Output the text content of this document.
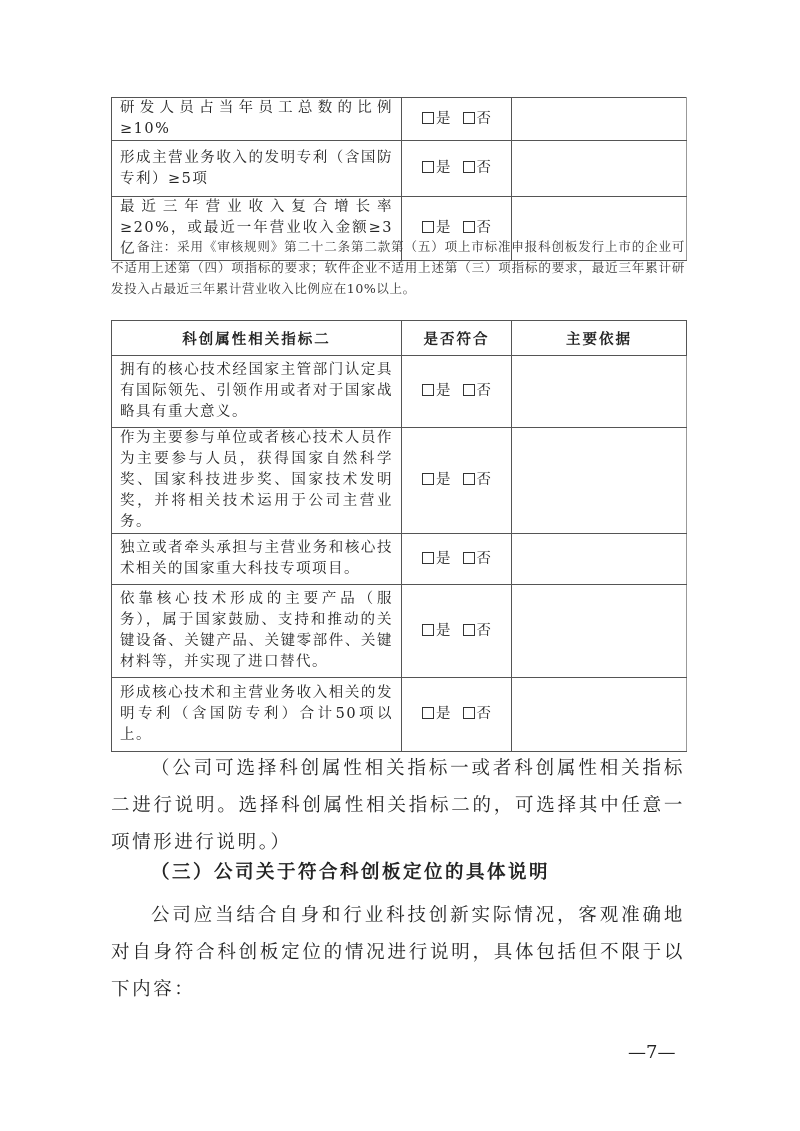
研发人员占当年员工总数的比例≥10%	是 否	
形成主营业务收入的发明专利（含国防专利）≥5项	是 否	
最近三年营业收入复合增长率≥20%，或最近一年营业收入金额≥3亿	是 否	
备注：采用《审核规则》第二十二条第二款第（五）项上市标准申报科创板发行上市的企业可不适用上述第（四）项指标的要求；软件企业不适用上述第（三）项指标的要求，最近三年累计研发投入占最近三年累计营业收入比例应在10%以上。
科创属性相关指标二	是否符合	主要依据
拥有的核心技术经国家主管部门认定具有国际领先、引领作用或者对于国家战略具有重大意义。	是 否	
作为主要参与单位或者核心技术人员作为主要参与人员，获得国家自然科学奖、国家科技进步奖、国家技术发明奖，并将相关技术运用于公司主营业务。	是 否	
独立或者牵头承担与主营业务和核心技术相关的国家重大科技专项项目。	是 否	
依靠核心技术形成的主要产品（服务），属于国家鼓励、支持和推动的关键设备、关键产品、关键零部件、关键材料等，并实现了进口替代。	是 否	
形成核心技术和主营业务收入相关的发明专利（含国防专利）合计50项以上。	是 否	
（公司可选择科创属性相关指标一或者科创属性相关指标二进行说明。选择科创属性相关指标二的，可选择其中任意一项情形进行说明。）
（三）公司关于符合科创板定位的具体说明
公司应当结合自身和行业科技创新实际情况，客观准确地对自身符合科创板定位的情况进行说明，具体包括但不限于以下内容：
—7—
